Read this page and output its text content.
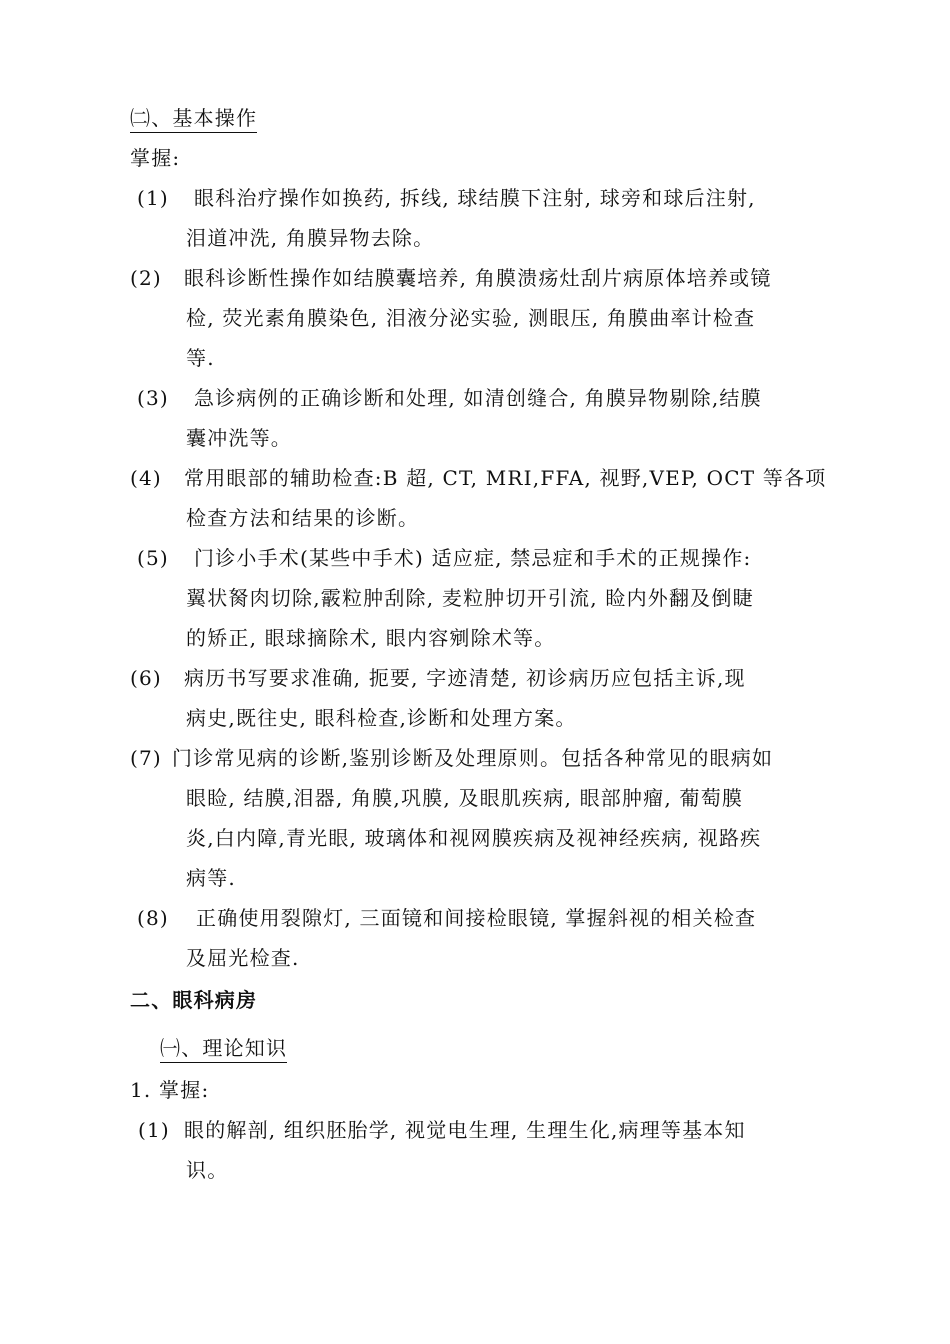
㈡、基本操作
掌握:
(1) 眼科治疗操作如换药, 拆线, 球结膜下注射, 球旁和球后注射,
泪道冲洗, 角膜异物去除。
(2) 眼科诊断性操作如结膜囊培养, 角膜溃疡灶刮片病原体培养或镜
检, 荧光素角膜染色, 泪液分泌实验, 测眼压, 角膜曲率计检查
等.
(3) 急诊病例的正确诊断和处理, 如清创缝合, 角膜异物剔除,结膜
囊冲洗等。
(4) 常用眼部的辅助检查:B 超, CT, MRI,FFA, 视野,VEP, OCT 等各项
检查方法和结果的诊断。
(5) 门诊小手术(某些中手术) 适应症, 禁忌症和手术的正规操作:
翼状胬肉切除,霰粒肿刮除, 麦粒肿切开引流, 睑内外翻及倒睫
的矫正, 眼球摘除术, 眼内容剜除术等。
(6) 病历书写要求准确, 扼要, 字迹清楚, 初诊病历应包括主诉,现
病史,既往史, 眼科检查,诊断和处理方案。
(7) 门诊常见病的诊断,鉴别诊断及处理原则。包括各种常见的眼病如
眼睑, 结膜,泪器, 角膜,巩膜, 及眼肌疾病, 眼部肿瘤, 葡萄膜
炎,白内障,青光眼, 玻璃体和视网膜疾病及视神经疾病, 视路疾
病等.
(8) 正确使用裂隙灯, 三面镜和间接检眼镜, 掌握斜视的相关检查
及屈光检查.
二、眼科病房
㈠、理论知识
1. 掌握:
(1) 眼的解剖, 组织胚胎学, 视觉电生理, 生理生化,病理等基本知
识。
